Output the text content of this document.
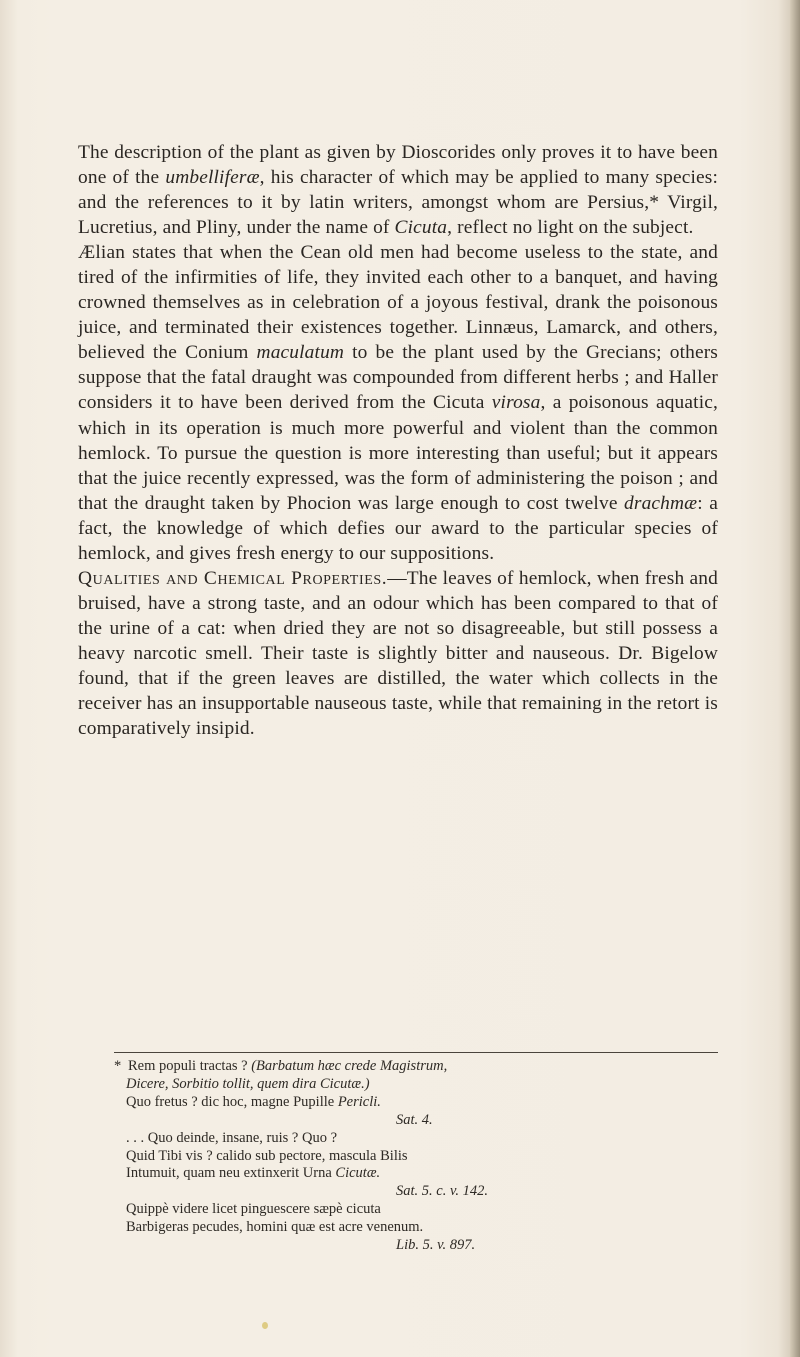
The description of the plant as given by Dioscorides only proves it to have been one of the umbelliferæ, his character of which may be applied to many species: and the references to it by latin writers, amongst whom are Persius,* Virgil, Lucretius, and Pliny, under the name of Cicuta, reflect no light on the subject.

Ælian states that when the Cean old men had become useless to the state, and tired of the infirmities of life, they invited each other to a banquet, and having crowned themselves as in celebration of a joyous festival, drank the poisonous juice, and terminated their existences together. Linnæus, Lamarck, and others, believed the Conium maculatum to be the plant used by the Grecians; others suppose that the fatal draught was compounded from different herbs ; and Haller considers it to have been derived from the Cicuta virosa, a poisonous aquatic, which in its operation is much more powerful and violent than the common hemlock. To pursue the question is more interesting than useful; but it appears that the juice recently expressed, was the form of administering the poison ; and that the draught taken by Phocion was large enough to cost twelve drachmæ: a fact, the knowledge of which defies our award to the particular species of hemlock, and gives fresh energy to our suppositions.

Qualities and Chemical Properties.—The leaves of hemlock, when fresh and bruised, have a strong taste, and an odour which has been compared to that of the urine of a cat: when dried they are not so disagreeable, but still possess a heavy narcotic smell. Their taste is slightly bitter and nauseous. Dr. Bigelow found, that if the green leaves are distilled, the water which collects in the receiver has an insupportable nauseous taste, while that remaining in the retort is comparatively insipid.

* Rem populi tractas ? (Barbatum hæc crede Magistrum,
Dicere, Sorbitio tollit, quem dira Cicutæ.)
Quo fretus ? dic hoc, magne Pupille Pericli.
Sat. 4.
. . . Quo deinde, insane, ruis ? Quo ?
Quid Tibi vis ? calido sub pectore, mascula Bilis
Intumuit, quam neu extinxerit Urna Cicutæ.
Sat. 5. c. v. 142.
Quippè videre licet pinguescere sæpè cicuta
Barbigeras pecudes, homini quæ est acre venenum.
Lib. 5. v. 897.
